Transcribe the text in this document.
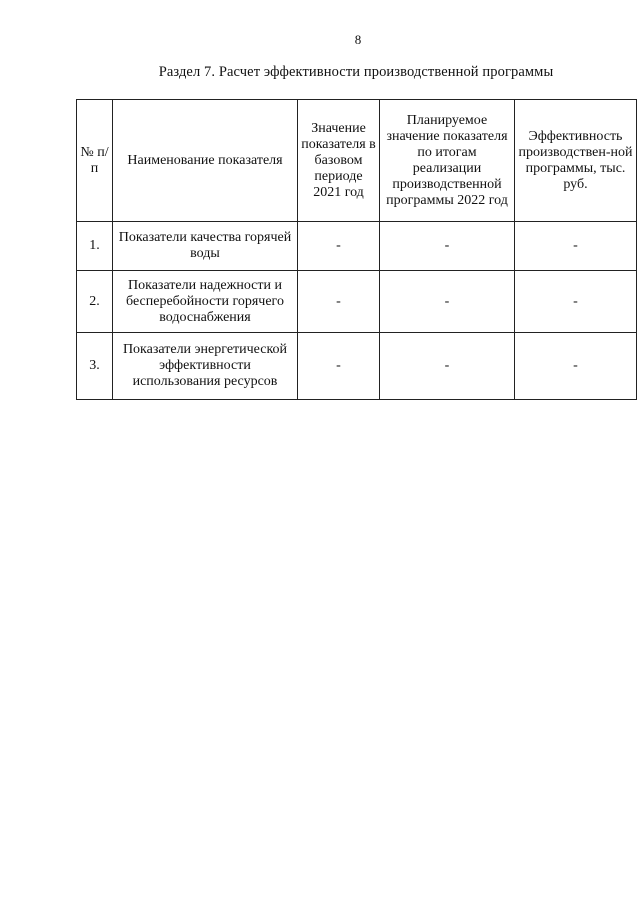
8
Раздел 7. Расчет эффективности производственной программы
№ п/п	Наименование показателя	Значение показателя в базовом периоде 2021 год	Планируемое значение показателя по итогам реализации производственной программы 2022 год	Эффективность производствен-ной программы, тыс. руб.
1.	Показатели качества горячей воды	-	-	-
2.	Показатели надежности и бесперебойности горячего водоснабжения	-	-	-
3.	Показатели энергетической эффективности использования ресурсов	-	-	-
